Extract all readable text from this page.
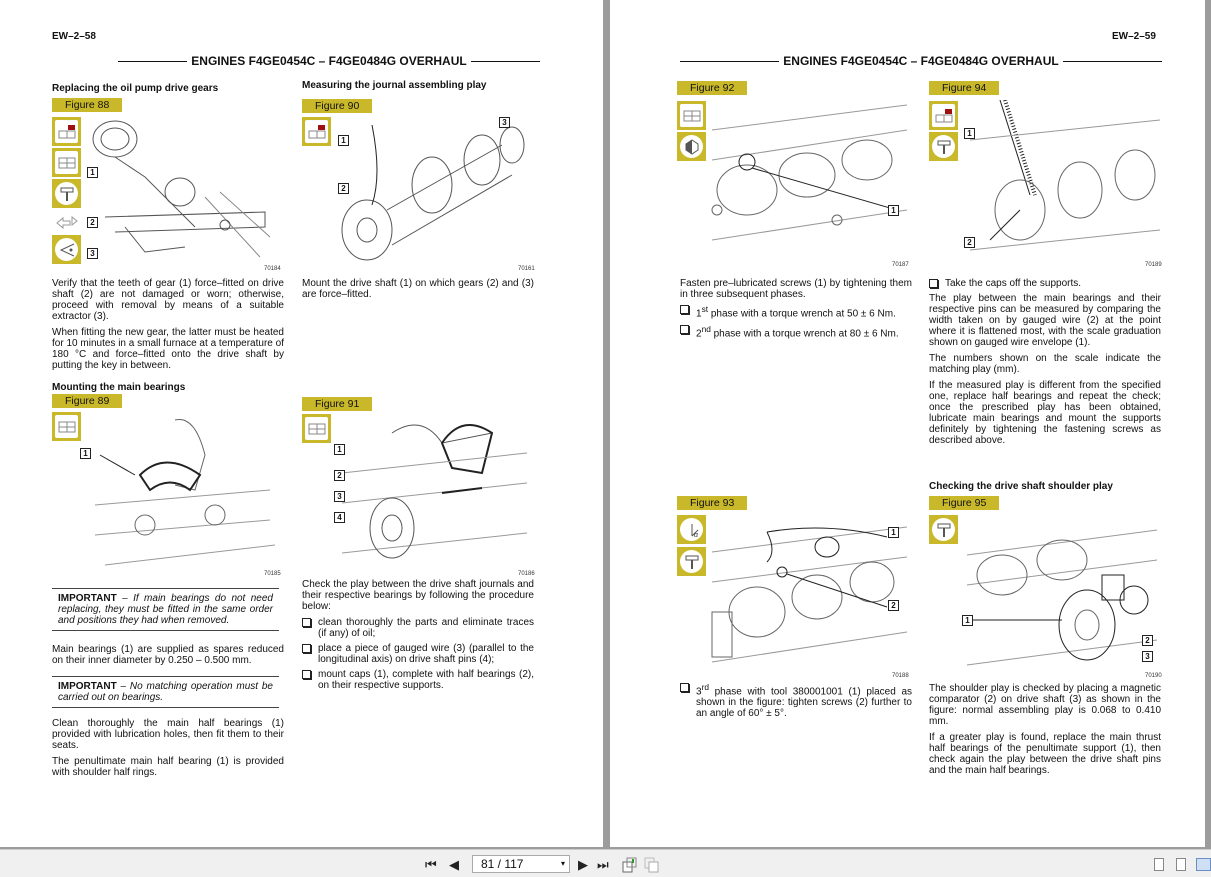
EW–2–58
ENGINES F4GE0454C – F4GE0484G OVERHAUL
Replacing the oil pump drive gears
Figure 88
1
2
3
70184
Verify that the teeth of gear (1) force–fitted on drive shaft (2) are not damaged or worn; otherwise, proceed with removal by means of a suitable extractor (3).
When fitting the new gear, the latter must be heated for 10 minutes in a small furnace at a temperature of 180 °C and force–fitted onto the drive shaft by putting the key in between.
Mounting the main bearings
Figure 89
1
70185
IMPORTANT – If main bearings do not need replacing, they must be fitted in the same order and positions they had when removed.
Main bearings (1) are supplied as spares reduced on their inner diameter by 0.250 – 0.500 mm.
IMPORTANT – No matching operation must be carried out on bearings.
Clean thoroughly the main half bearings (1) provided with lubrication holes, then fit them to their seats.
The penultimate main half bearing (1) is provided with shoulder half rings.
Measuring the journal assembling play
Figure 90
1
2
3
70161
Mount the drive shaft (1) on which gears (2) and (3) are force–fitted.
Figure 91
1
2
3
4
70186
Check the play between the drive shaft journals and their respective bearings by following the procedure below:
clean thoroughly the parts and eliminate traces (if any) of oil;
place a piece of gauged wire (3) (parallel to the longitudinal axis) on drive shaft pins (4);
mount caps (1), complete with half bearings (2), on their respective supports.
EW–2–59
ENGINES F4GE0454C – F4GE0484G OVERHAUL
Figure 92
1
70187
Fasten pre–lubricated screws (1) by tightening them in three subsequent phases.
1st phase with a torque wrench at 50 ± 6 Nm.
2nd phase with a torque wrench at 80 ± 6 Nm.
Figure 93
α	1
2
70188
3rd phase with tool 380001001 (1) placed as shown in the figure: tighten screws (2) further to an angle of 60° ± 5°.
Figure 94
1
2
70189
Take the caps off the supports.
The play between the main bearings and their respective pins can be measured by comparing the width taken on by gauged wire (2) at the point where it is flattened most, with the scale graduation shown on gauged wire envelope (1).
The numbers shown on the scale indicate the matching play (mm).
If the measured play is different from the specified one, replace half bearings and repeat the check; once the prescribed play has been obtained, lubricate main bearings and mount the supports definitely by tightening the fastening screws as described above.
Checking the drive shaft shoulder play
Figure 95
1
2
3
70190
The shoulder play is checked by placing a magnetic comparator (2) on drive shaft (3) as shown in the figure: normal assembling play is 0.068 to 0.410 mm.
If a greater play is found, replace the main thrust half bearings of the penultimate support (1), then check again the play between the drive shaft pins and the main half bearings.
⏮ ◀	81 / 117	▾ ▶ ⏭
